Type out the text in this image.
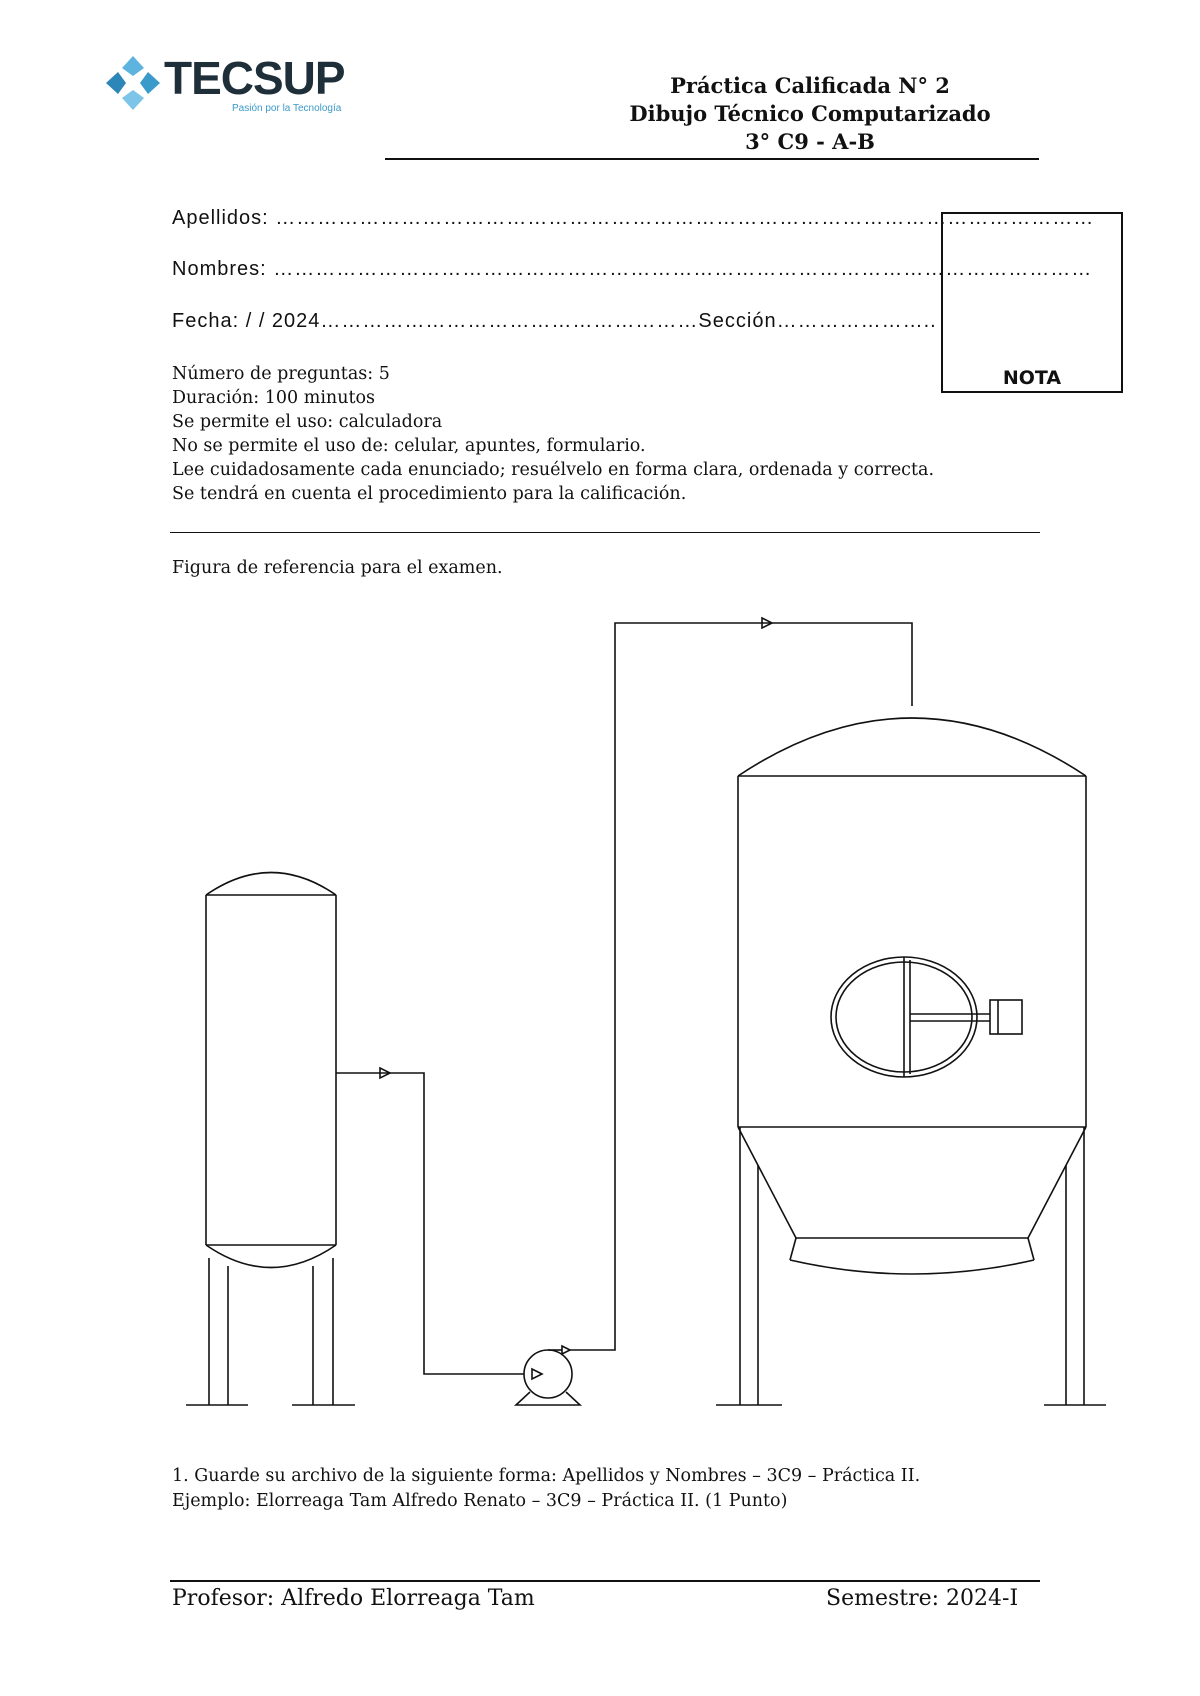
TECSUP
Pasión por la Tecnología
Práctica Calificada N° 2
Dibujo Técnico Computarizado
3° C9 - A-B
Apellidos: ………………………………………………………………………………………………………
Nombres: ………………………………………………………………………………………………………
Fecha: / / 2024………………………………………………Sección…………………..
NOTA
Número de preguntas: 5
Duración: 100 minutos
Se permite el uso: calculadora
No se permite el uso de: celular, apuntes, formulario.
Lee cuidadosamente cada enunciado; resuélvelo en forma clara, ordenada y correcta.
Se tendrá en cuenta el procedimiento para la calificación.
Figura de referencia para el examen.
1. Guarde su archivo de la siguiente forma: Apellidos y Nombres – 3C9 – Práctica II.
Ejemplo: Elorreaga Tam Alfredo Renato – 3C9 – Práctica II. (1 Punto)
Profesor: Alfredo Elorreaga Tam	Semestre: 2024-I
